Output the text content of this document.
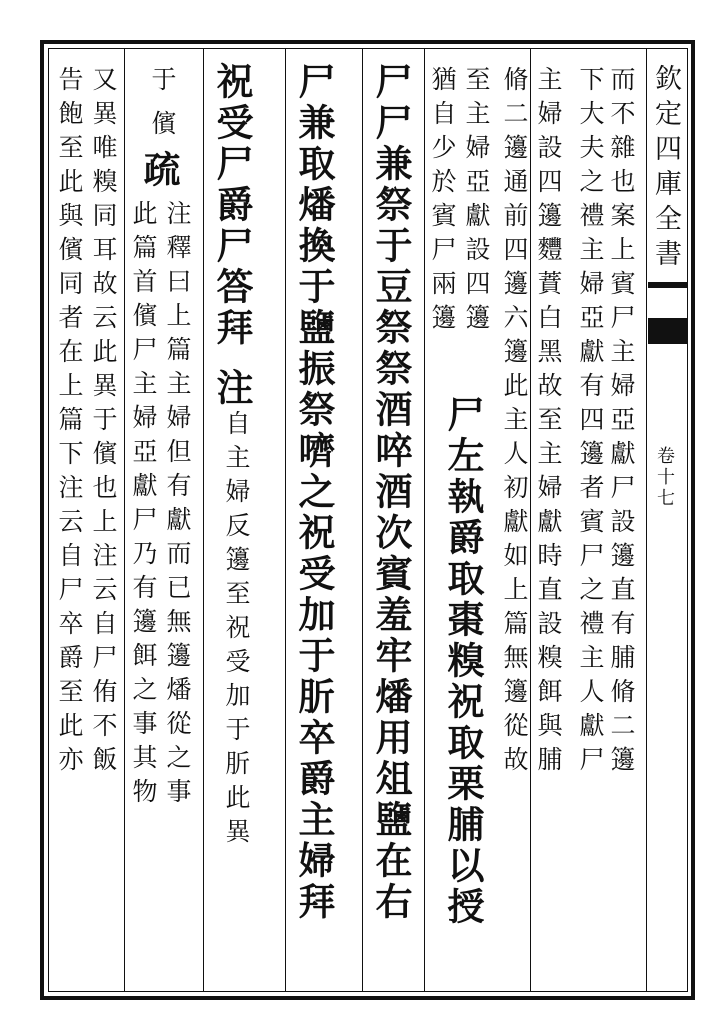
欽定四庫全書
卷十七
而不雜也案上賓尸主婦亞獻尸設籩直有脯脩二籩
下大夫之禮主婦亞獻有四籩者賓尸之禮主人獻尸
主婦設四籩麷蕡白黑故至主婦獻時直設糗餌與脯
脩二籩通前四籩六籩此主人初獻如上篇無籩從故
至主婦亞獻設四籩
猶自少於賓尸兩籩
尸左執爵取棗糗祝取栗脯以授
尸尸兼祭于豆祭祭酒啐酒次賓羞牢燔用俎鹽在右
尸兼取燔換于鹽振祭嚌之祝受加于肵卒爵主婦拜
祝受尸爵尸答拜
注
自主婦反籩至祝受加于肵此異
于
儐
疏
注釋曰上篇主婦但有獻而已無籩燔從之事
此篇首儐尸主婦亞獻尸乃有籩餌之事其物
又異唯糗同耳故云此異于儐也上注云自尸侑不飯
告飽至此與儐同者在上篇下注云自尸卒爵至此亦
